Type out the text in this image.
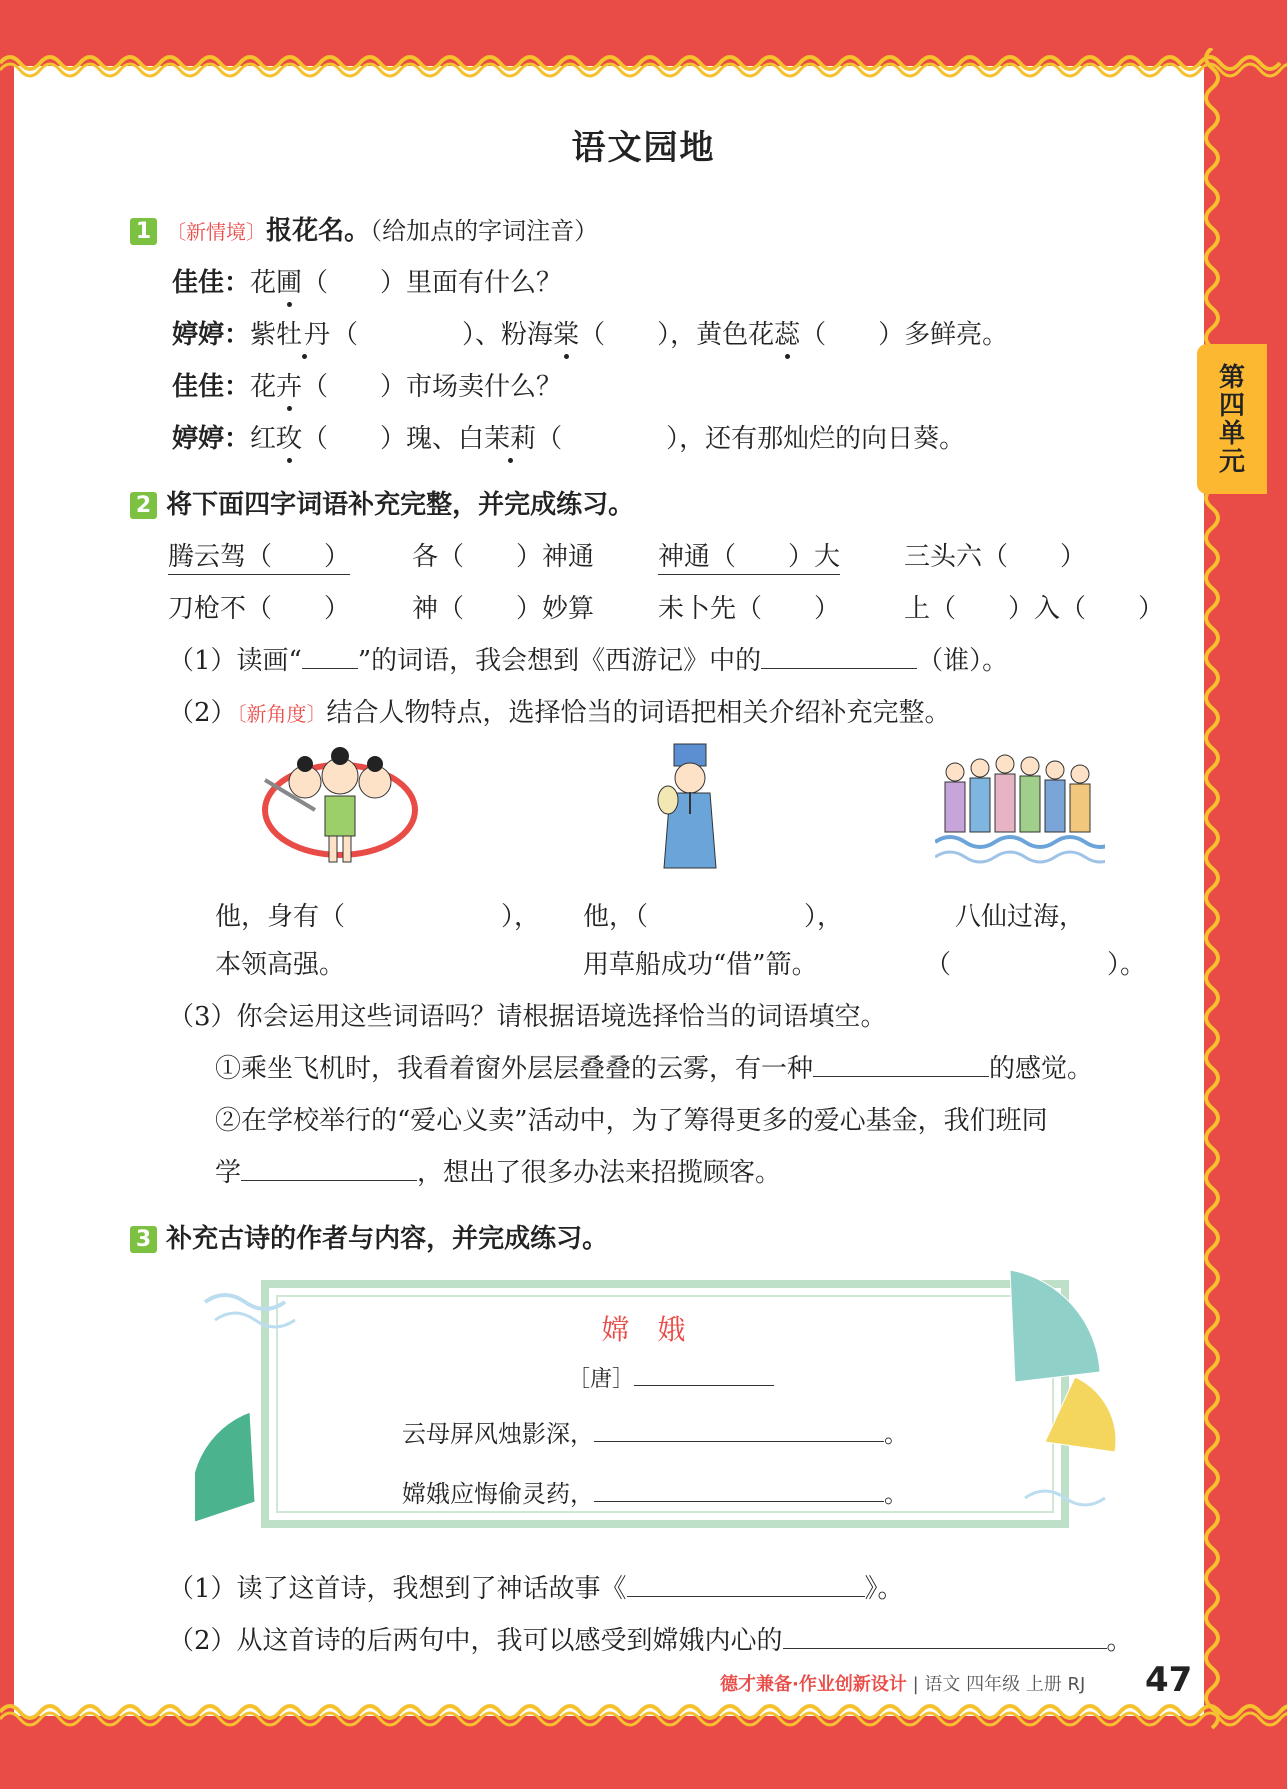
第四单元
语文园地
1 〔新情境〕报花名。（给加点的字词注音）
佳佳：花圃（　　）里面有什么？
婷婷：紫牡丹（　　　　）、粉海棠（　　），黄色花蕊（　　）多鲜亮。
佳佳：花卉（　　）市场卖什么？
婷婷：红玫（　　）瑰、白茉莉（　　　　），还有那灿烂的向日葵。
2 将下面四字词语补充完整，并完成练习。
腾云驾（　　） 各（　　）神通 神通（　　）大 三头六（　　）
刀枪不（　　） 神（　　）妙算 未卜先（　　） 上（　　）入（　　）
（1）读画“ ”的词语，我会想到《西游记》中的	（谁）。
（2）〔新角度〕结合人物特点，选择恰当的词语把相关介绍补充完整。
他，身有（　　　　　　），
本领高强。
他，（　　　　　　），
用草船成功“借”箭。
八仙过海，
（　　　　　　）。
（3）你会运用这些词语吗？请根据语境选择恰当的词语填空。
①乘坐飞机时，我看着窗外层层叠叠的云雾，有一种	的感觉。
②在学校举行的“爱心义卖”活动中，为了筹得更多的爱心基金，我们班同
学	，想出了很多办法来招揽顾客。
3 补充古诗的作者与内容，并完成练习。
嫦　娥
［唐］
云母屏风烛影深，	。
嫦娥应悔偷灵药，	。
（1）读了这首诗，我想到了神话故事《	》。
（2）从这首诗的后两句中，我可以感受到嫦娥内心的	。
德才兼备·作业创新设计 | 语文 四年级 上册 RJ	47
